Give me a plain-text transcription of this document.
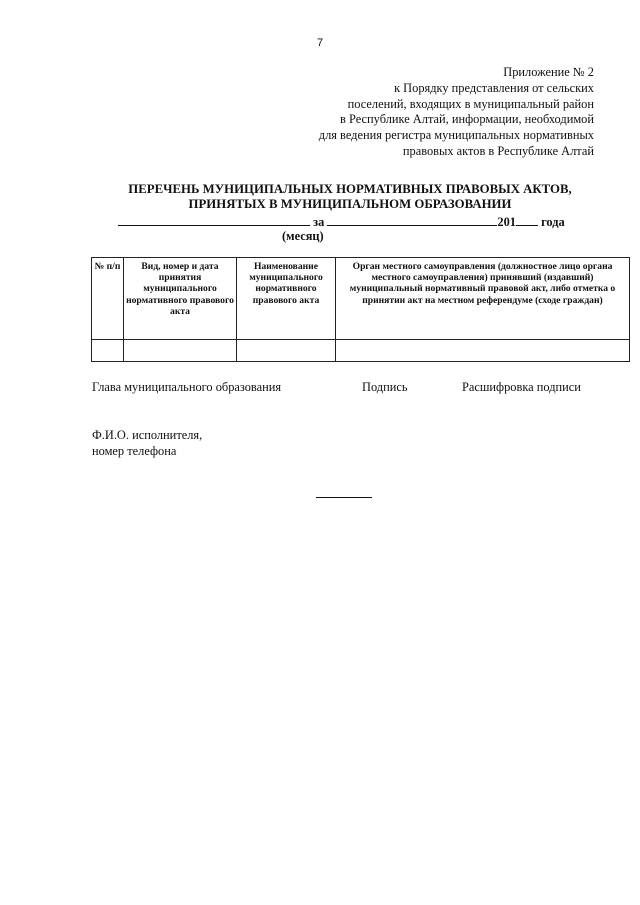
7
Приложение № 2
к Порядку представления от сельских
поселений, входящих в муниципальный район
в Республике Алтай, информации, необходимой
для ведения регистра муниципальных нормативных
правовых актов в Республике Алтай
ПЕРЕЧЕНЬ МУНИЦИПАЛЬНЫХ НОРМАТИВНЫХ ПРАВОВЫХ АКТОВ,
ПРИНЯТЫХ В МУНИЦИПАЛЬНОМ ОБРАЗОВАНИИ
за	201 года
(месяц)
№ п/п	Вид, номер и дата принятия муниципального нормативного правового акта	Наименование муниципального нормативного правового акта	Орган местного самоуправления (должностное лицо органа местного самоуправления) принявший (издавший) муниципальный нормативный правовой акт, либо отметка о принятии акт на местном референдуме (сходе граждан)

Глава муниципального образования	Подпись	Расшифровка подписи
Ф.И.О. исполнителя,
номер телефона
